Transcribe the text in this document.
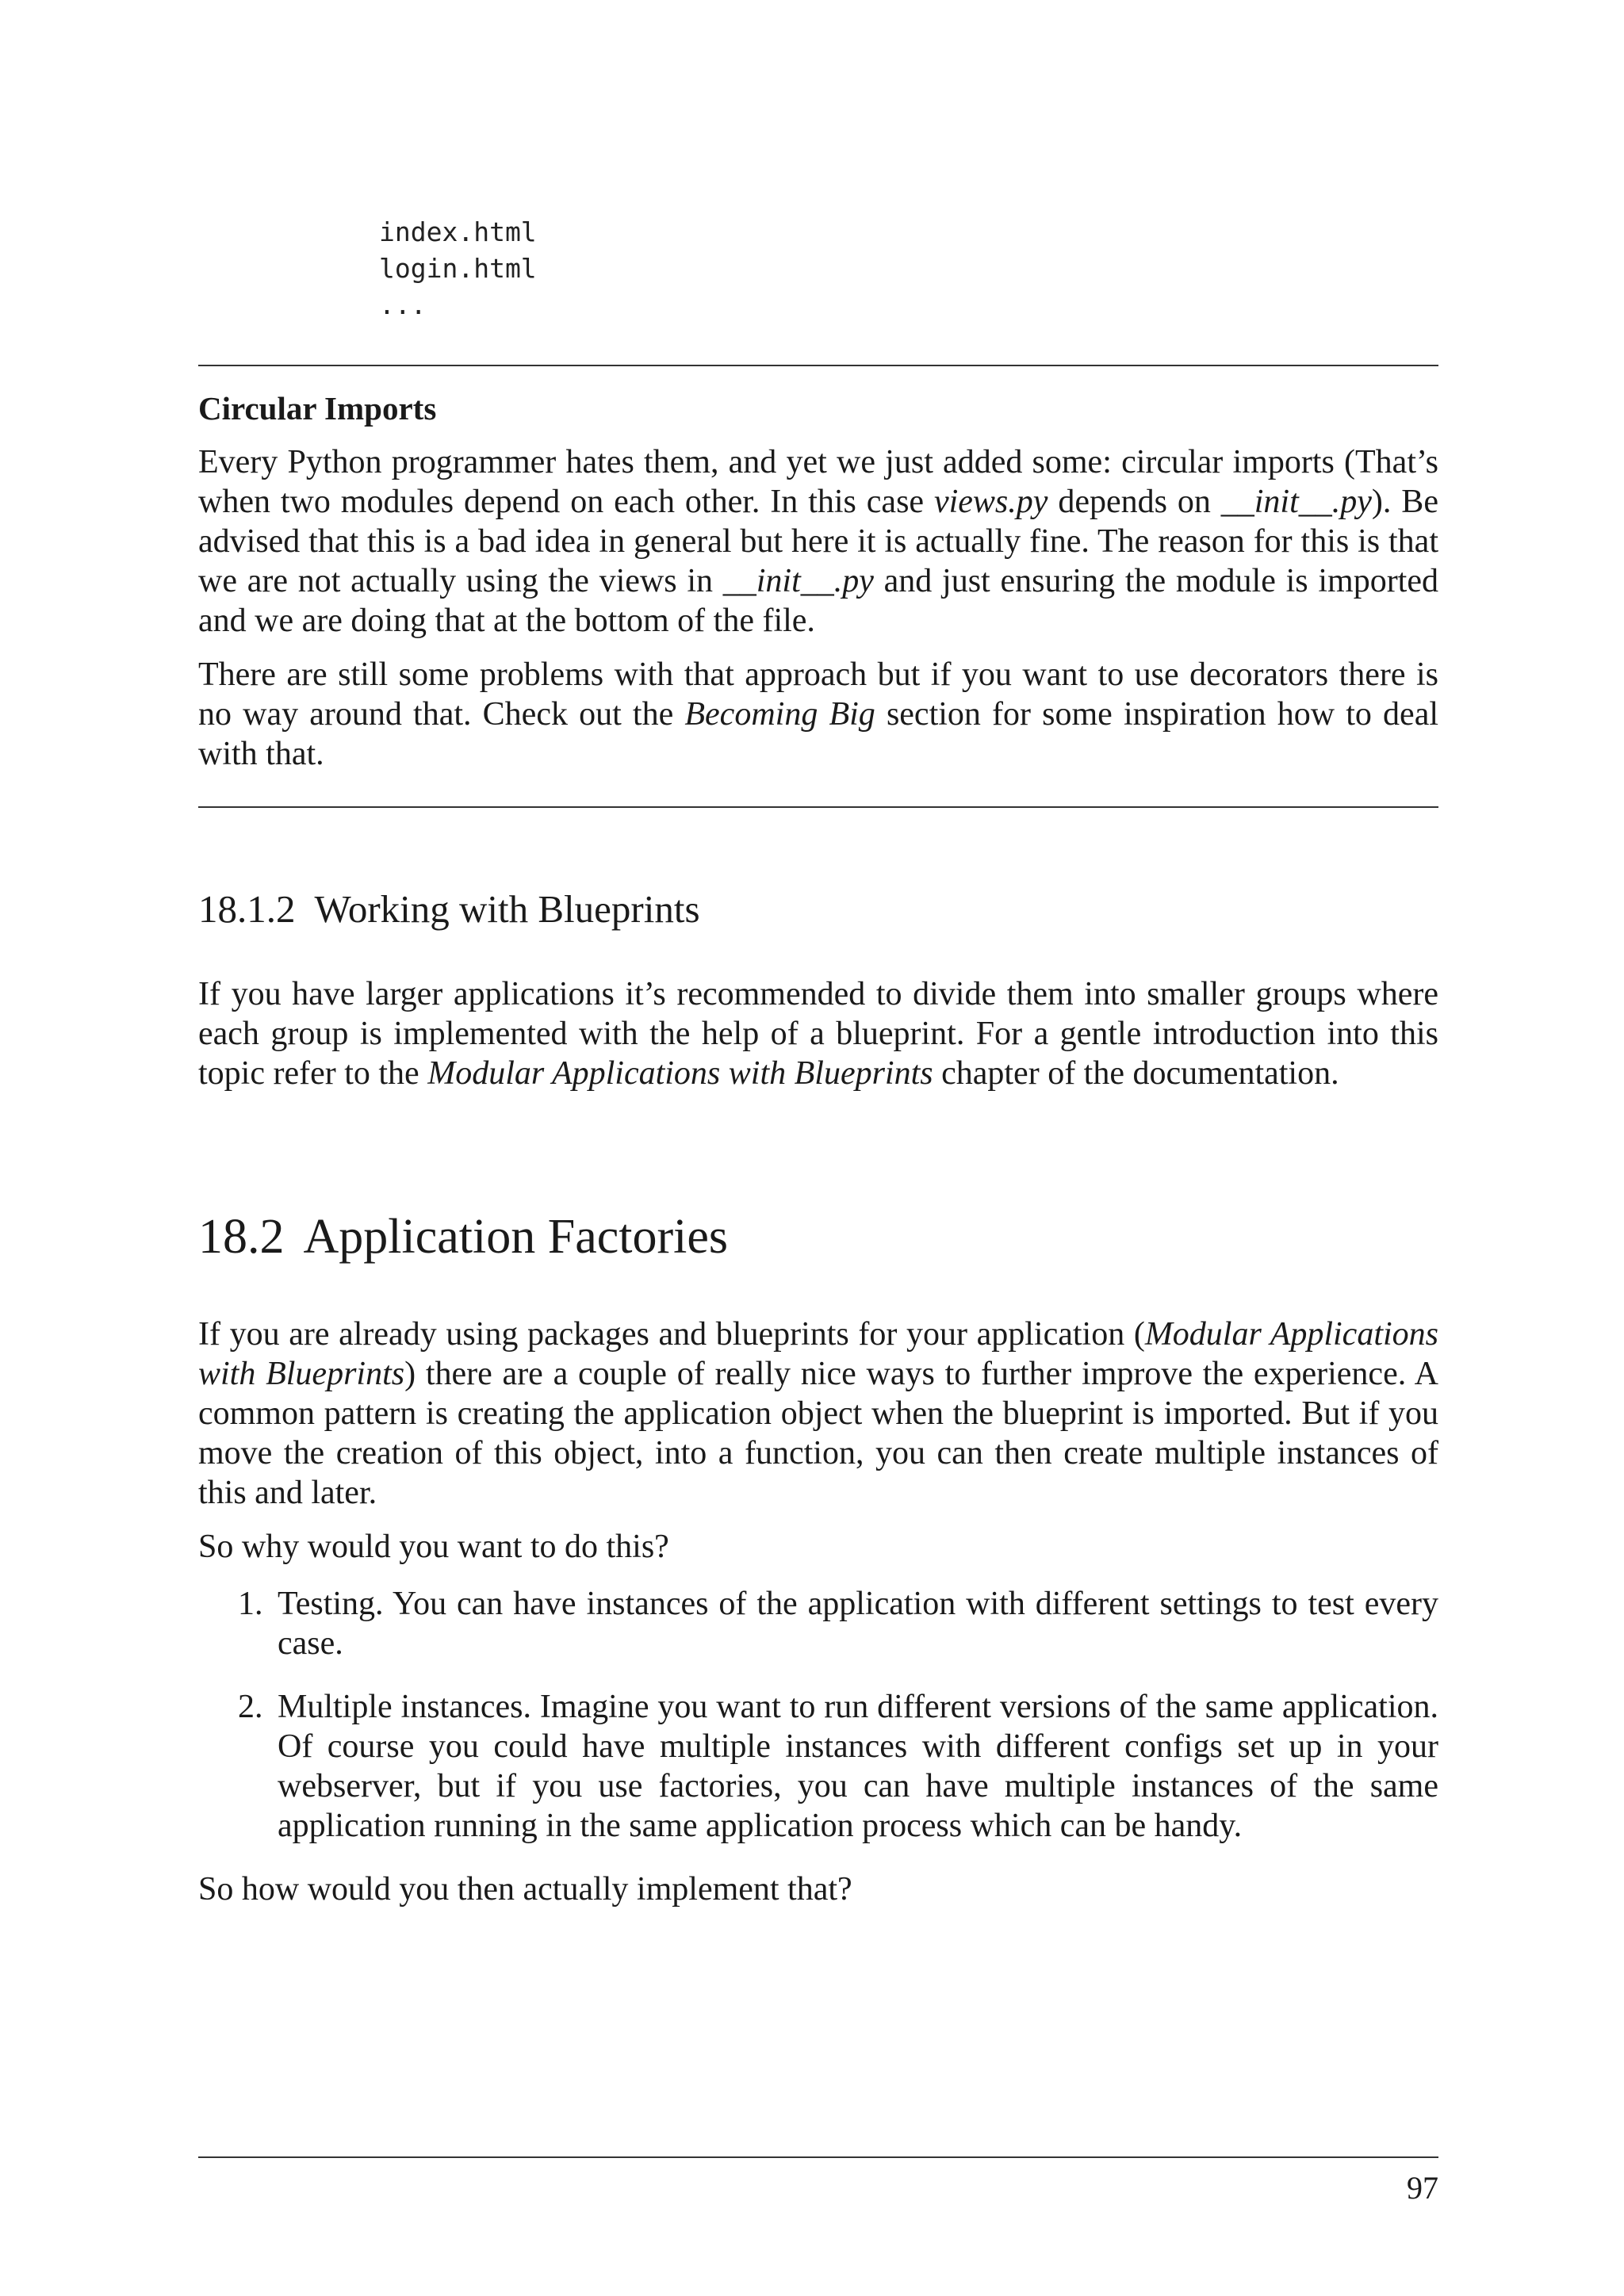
index.html
login.html
...
Circular Imports

Every Python programmer hates them, and yet we just added some: circular imports (That’s when two modules depend on each other. In this case views.py depends on __init__.py). Be advised that this is a bad idea in general but here it is actually fine. The reason for this is that we are not actually using the views in __init__.py and just ensuring the module is imported and we are doing that at the bottom of the file.

There are still some problems with that approach but if you want to use decorators there is no way around that. Check out the Becoming Big section for some inspiration how to deal with that.

18.1.2 Working with Blueprints

If you have larger applications it’s recommended to divide them into smaller groups where each group is implemented with the help of a blueprint. For a gentle introduction into this topic refer to the Modular Applications with Blueprints chapter of the documentation.

18.2 Application Factories

If you are already using packages and blueprints for your application (Modular Applications with Blueprints) there are a couple of really nice ways to further improve the experience. A common pattern is creating the application object when the blueprint is imported. But if you move the creation of this object, into a function, you can then create multiple instances of this and later.

So why would you want to do this?

1. Testing. You can have instances of the application with different settings to test every case.
2. Multiple instances. Imagine you want to run different versions of the same application. Of course you could have multiple instances with different configs set up in your webserver, but if you use factories, you can have multiple instances of the same application running in the same application process which can be handy.

So how would you then actually implement that?

97
